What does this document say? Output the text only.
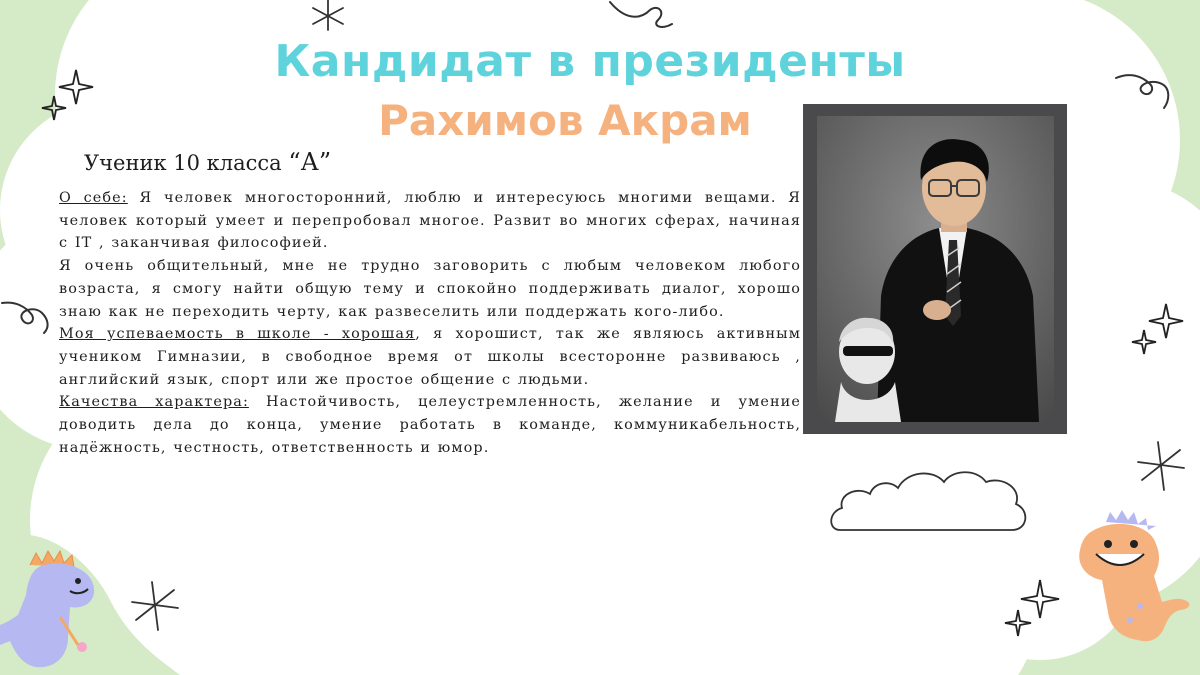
Кандидат в президенты
Рахимов Акрам
Ученик 10 класса “А”

О себе: Я человек многосторонний, люблю и интересуюсь многими вещами. Я человек который умеет и перепробовал многое. Развит во многих сферах, начиная с IT , заканчивая философией.

Я очень общительный, мне не трудно заговорить с любым человеком любого возраста, я смогу найти общую тему и спокойно поддерживать диалог, хорошо знаю как не переходить черту, как развеселить или поддержать кого-либо.

Моя успеваемость в школе - хорошая, я хорошист, так же являюсь активным учеником Гимназии, в свободное время от школы всесторонне развиваюсь , английский язык, спорт или же простое общение с людьми.

Качества характера: Настойчивость, целеустремленность, желание и умение доводить дела до конца, умение работать в команде, коммуникабельность, надёжность, честность, ответственность и юмор.
